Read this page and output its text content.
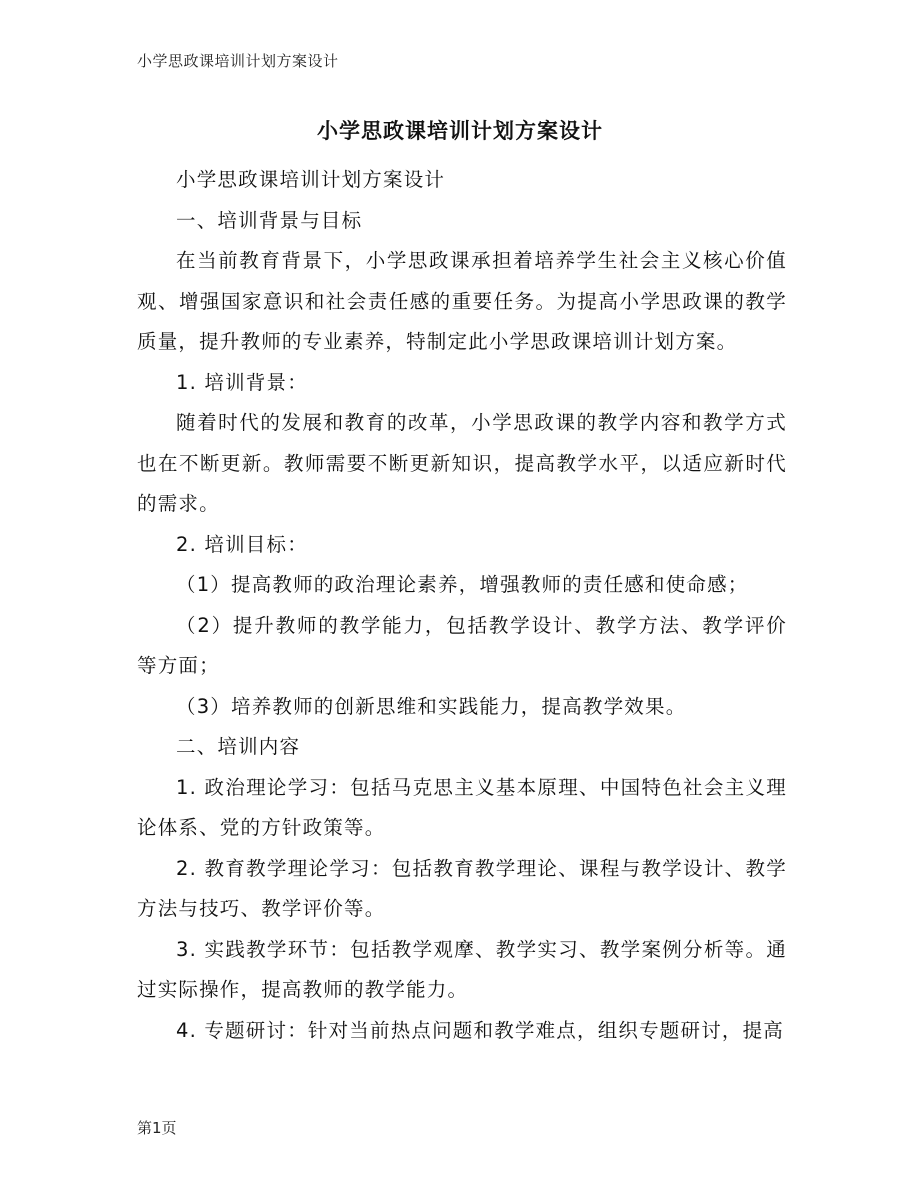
小学思政课培训计划方案设计
小学思政课培训计划方案设计

小学思政课培训计划方案设计

一、培训背景与目标

在当前教育背景下，小学思政课承担着培养学生社会主义核心价值观、增强国家意识和社会责任感的重要任务。为提高小学思政课的教学质量，提升教师的专业素养，特制定此小学思政课培训计划方案。

1. 培训背景：

随着时代的发展和教育的改革，小学思政课的教学内容和教学方式也在不断更新。教师需要不断更新知识，提高教学水平，以适应新时代的需求。

2. 培训目标：

（1）提高教师的政治理论素养，增强教师的责任感和使命感；

（2）提升教师的教学能力，包括教学设计、教学方法、教学评价等方面；

（3）培养教师的创新思维和实践能力，提高教学效果。

二、培训内容

1. 政治理论学习：包括马克思主义基本原理、中国特色社会主义理论体系、党的方针政策等。

2. 教育教学理论学习：包括教育教学理论、课程与教学设计、教学方法与技巧、教学评价等。

3. 实践教学环节：包括教学观摩、教学实习、教学案例分析等。通过实际操作，提高教师的教学能力。

4. 专题研讨：针对当前热点问题和教学难点，组织专题研讨，提高

第1页
